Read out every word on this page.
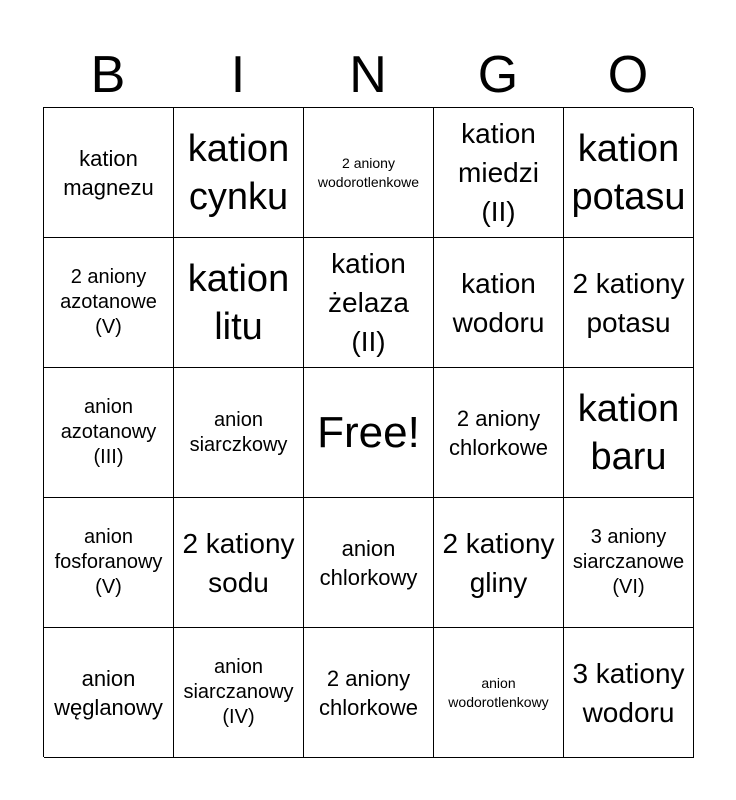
B	I	N	G	O
kation magnezu
kation cynku
2 aniony wodorotlenkowe
kation miedzi (II)
kation potasu
2 aniony azotanowe (V)
kation litu
kation żelaza (II)
kation wodoru
2 kationy potasu
anion azotanowy (III)
anion siarczkowy Free!	2 aniony chlorkowe
kation baru
anion fosforanowy (V)
2 kationy sodu
anion chlorkowy
2 kationy gliny
3 aniony siarczanowe (VI)
anion węglanowy
anion siarczanowy (IV)
2 aniony chlorkowe
anion wodorotlenkowy
3 kationy wodoru
